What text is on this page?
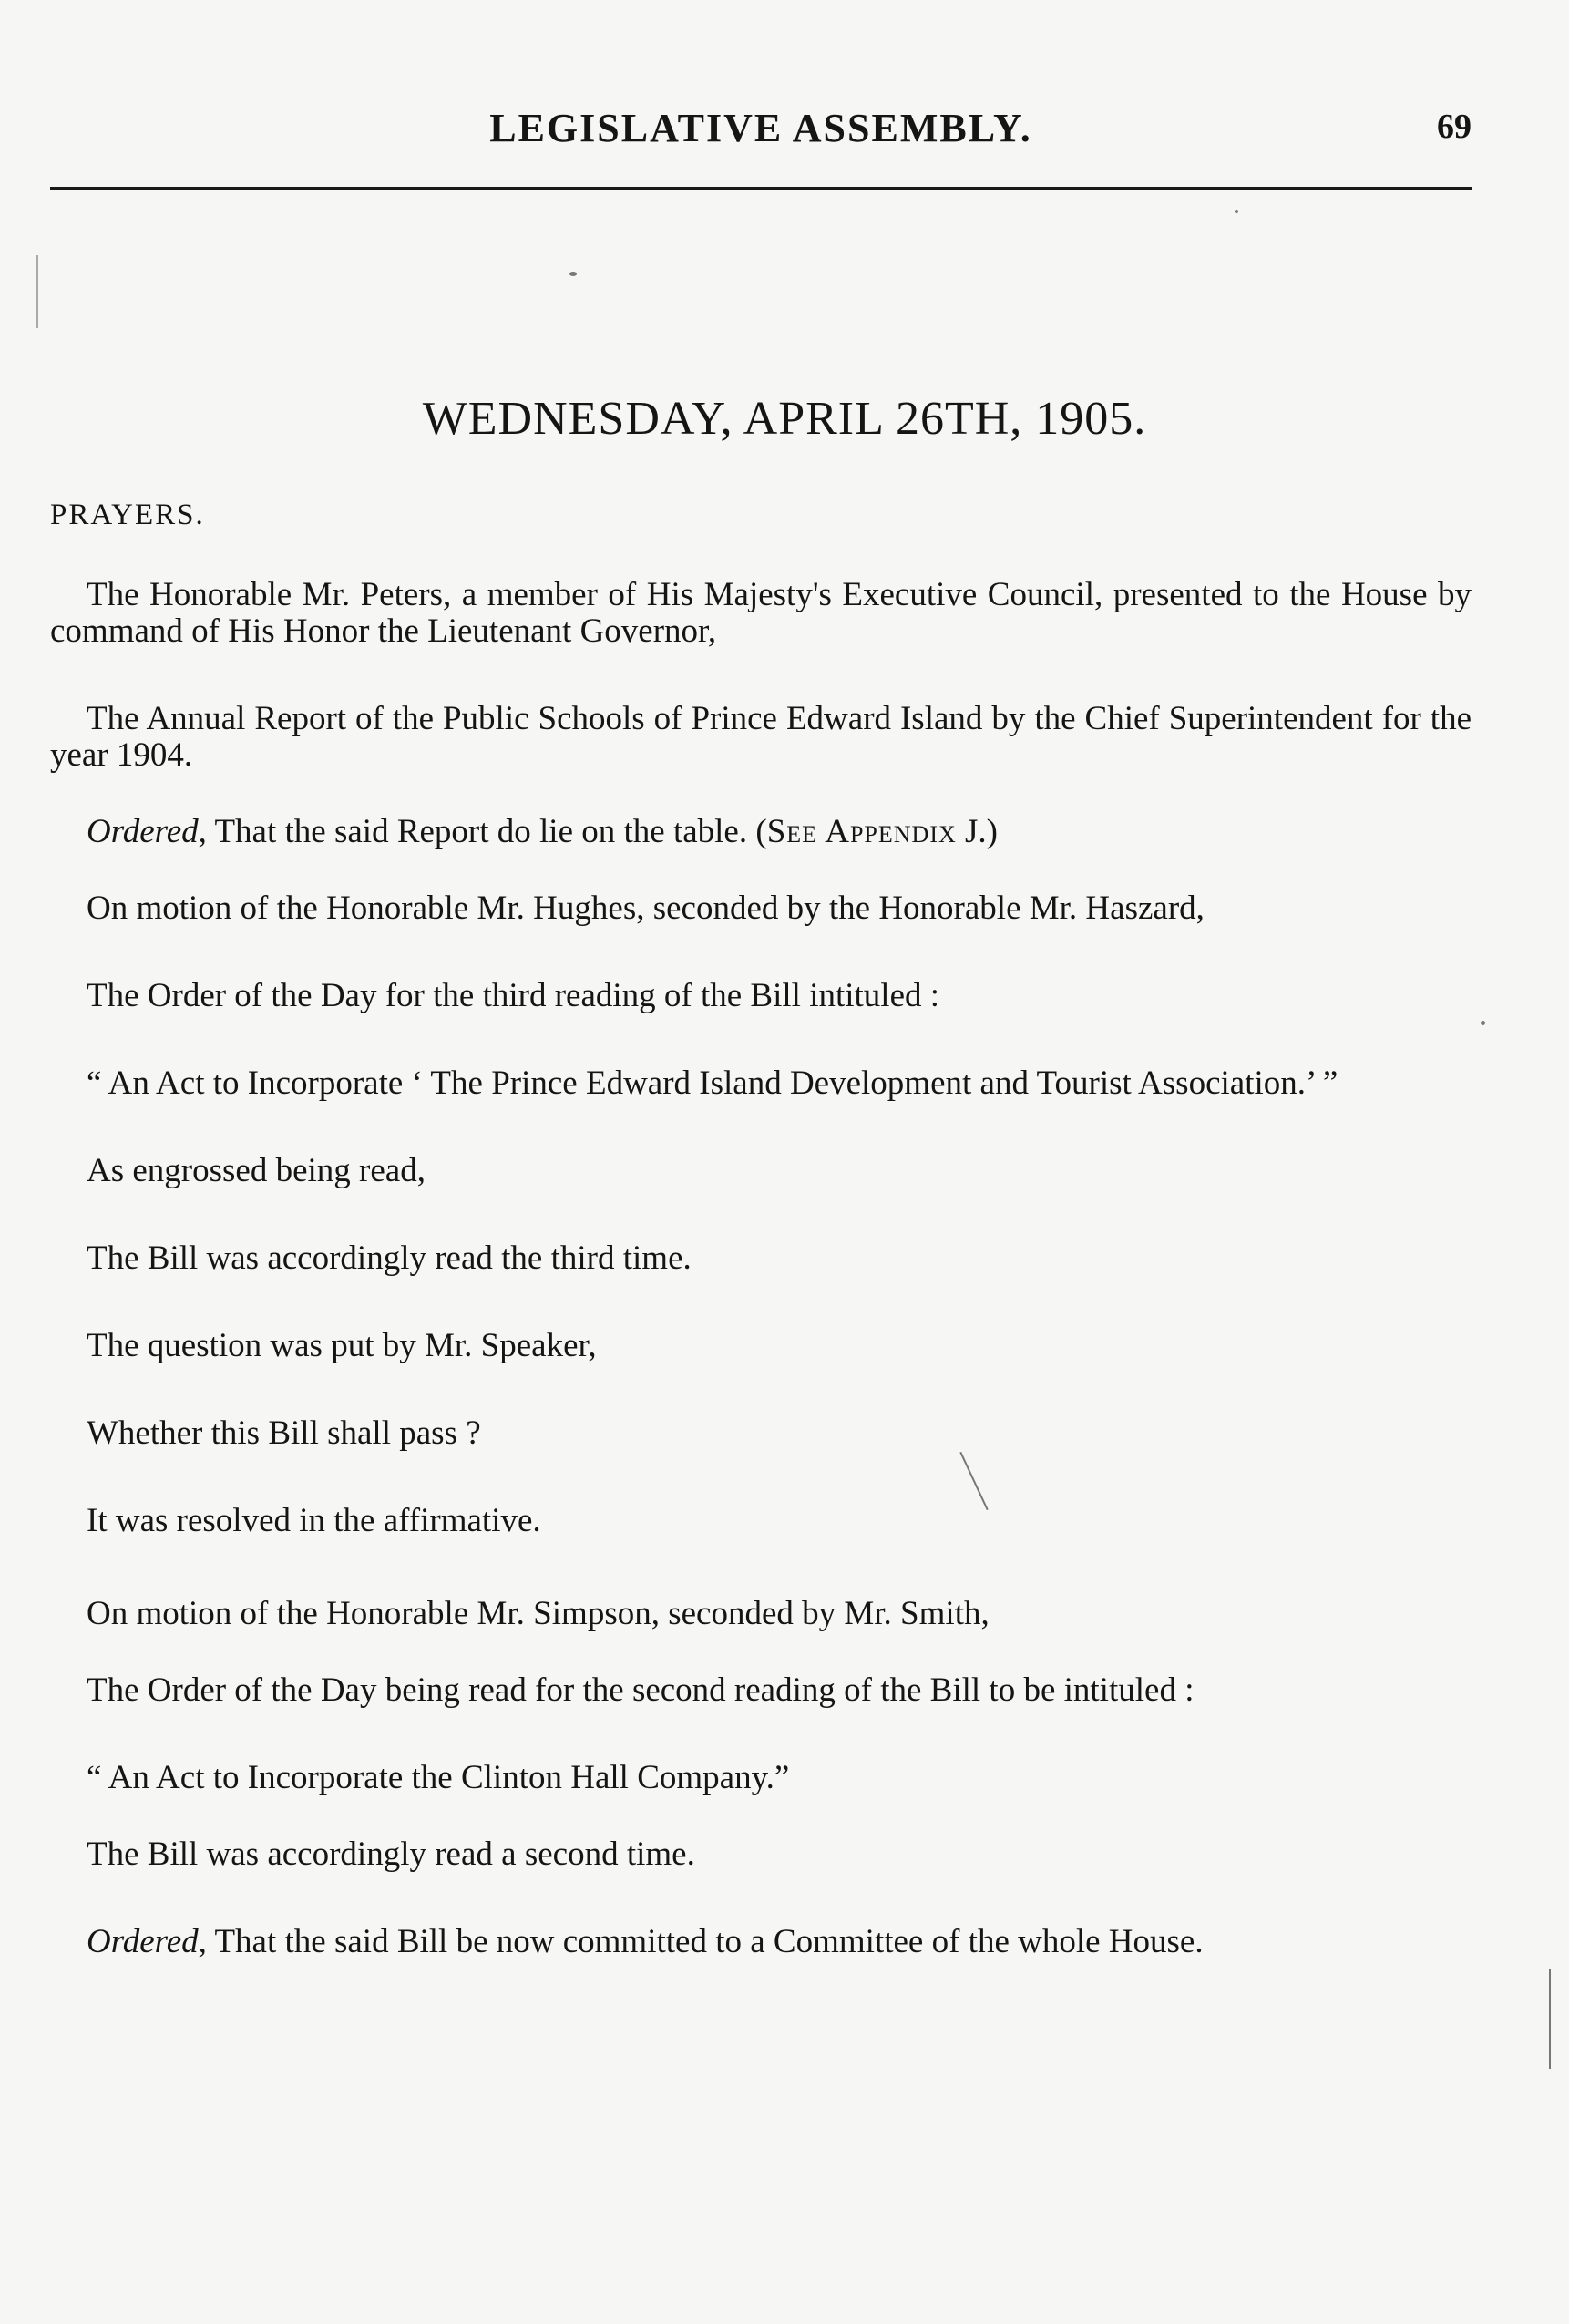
LEGISLATIVE ASSEMBLY.	69
WEDNESDAY, APRIL 26TH, 1905.

PRAYERS.

The Honorable Mr. Peters, a member of His Majesty's Executive Council, presented to the House by command of His Honor the Lieutenant Governor,

The Annual Report of the Public Schools of Prince Edward Island by the Chief Superintendent for the year 1904.

Ordered, That the said Report do lie on the table. (See Appendix J.)

On motion of the Honorable Mr. Hughes, seconded by the Honorable Mr. Haszard,

The Order of the Day for the third reading of the Bill intituled :

“ An Act to Incorporate ‘ The Prince Edward Island Development and Tourist Association.’ ”

As engrossed being read,

The Bill was accordingly read the third time.

The question was put by Mr. Speaker,

Whether this Bill shall pass ?

It was resolved in the affirmative.

On motion of the Honorable Mr. Simpson, seconded by Mr. Smith,

The Order of the Day being read for the second reading of the Bill to be intituled :

“ An Act to Incorporate the Clinton Hall Company.”

The Bill was accordingly read a second time.

Ordered, That the said Bill be now committed to a Committee of the whole House.
